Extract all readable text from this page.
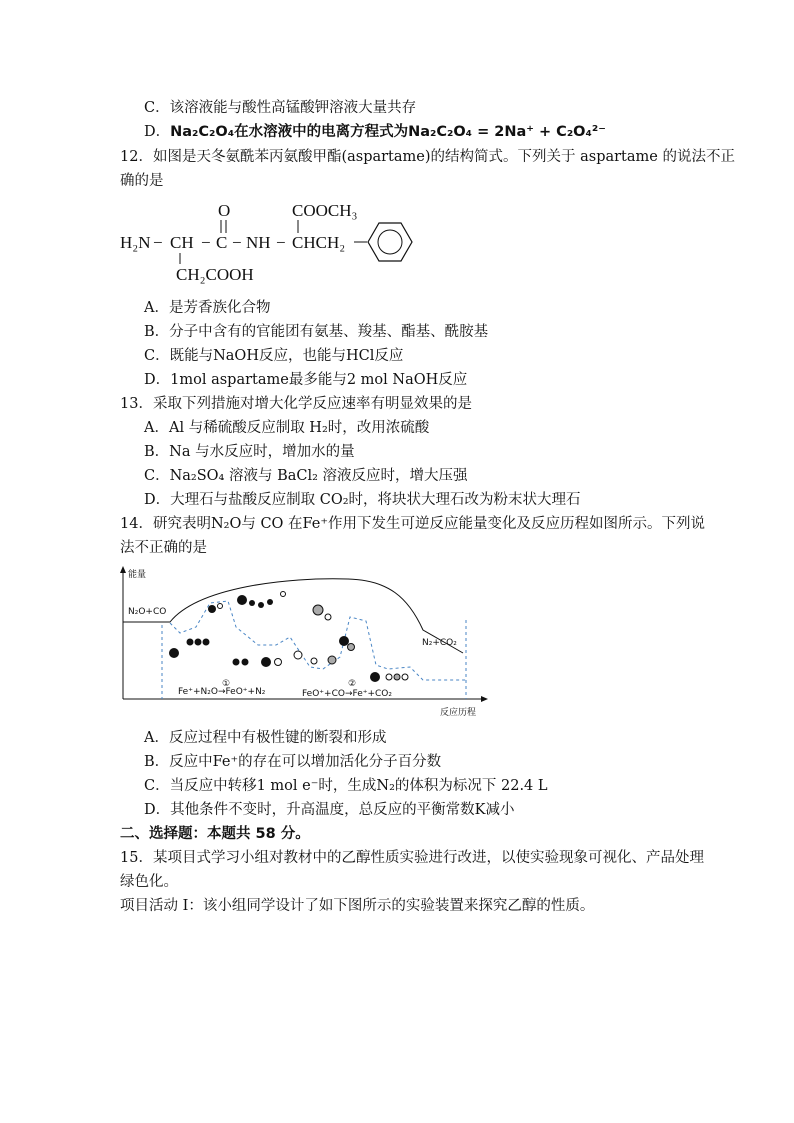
C．该溶液能与酸性高锰酸钾溶液大量共存
D．Na₂C₂O₄在水溶液中的电离方程式为Na₂C₂O₄ = 2Na⁺ + C₂O₄²⁻
12．如图是天冬氨酰苯丙氨酸甲酯(aspartame)的结构简式。下列关于 aspartame 的说法不正
确的是
H₂N − CH − C − NH − CHCH₂
O	COOCH₃
CH₂COOH
A．是芳香族化合物
B．分子中含有的官能团有氨基、羧基、酯基、酰胺基
C．既能与NaOH反应，也能与HCl反应
D．1mol aspartame最多能与2 mol NaOH反应
13．采取下列措施对增大化学反应速率有明显效果的是
A．Al 与稀硫酸反应制取 H₂时，改用浓硫酸
B．Na 与水反应时，增加水的量
C．Na₂SO₄ 溶液与 BaCl₂ 溶液反应时，增大压强
D．大理石与盐酸反应制取 CO₂时，将块状大理石改为粉末状大理石
14．研究表明N₂O与 CO 在Fe⁺作用下发生可逆反应能量变化及反应历程如图所示。下列说
法不正确的是
能量
反应历程
N₂O+CO
N₂+CO₂
①
Fe⁺+N₂O→FeO⁺+N₂
②
FeO⁺+CO→Fe⁺+CO₂
A．反应过程中有极性键的断裂和形成
B．反应中Fe⁺的存在可以增加活化分子百分数
C．当反应中转移1 mol e⁻时，生成N₂的体积为标况下 22.4 L
D．其他条件不变时，升高温度，总反应的平衡常数K减小
二、选择题：本题共 58 分。
15．某项目式学习小组对教材中的乙醇性质实验进行改进，以使实验现象可视化、产品处理
绿色化。
项目活动 I：该小组同学设计了如下图所示的实验装置来探究乙醇的性质。
